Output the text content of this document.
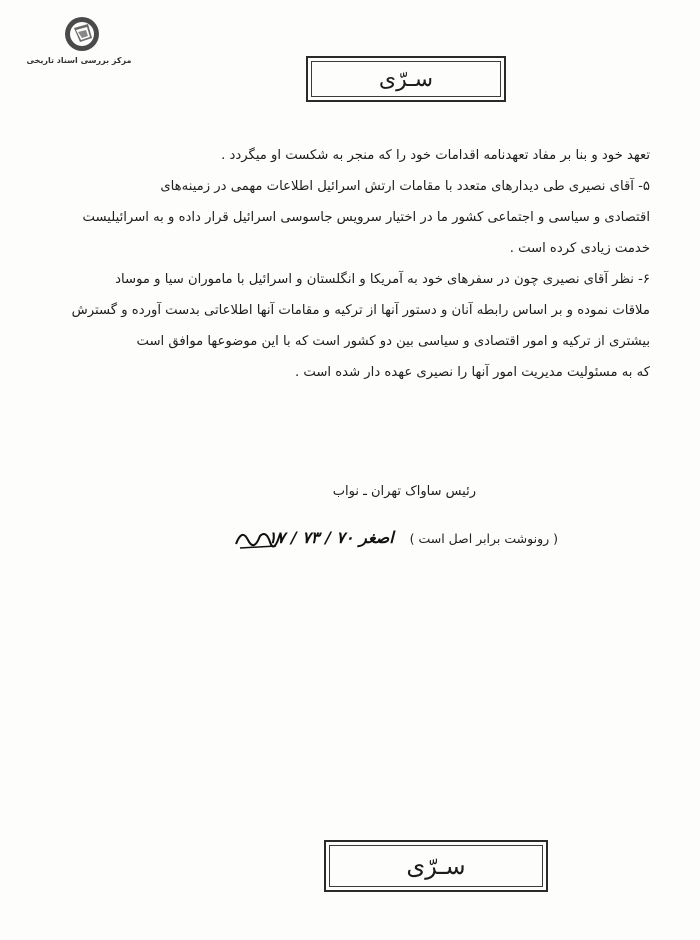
مرکز بررسی اسناد تاریخی
سـرّی
تعهد خود و بنا بر مفاد تعهدنامه اقدامات خود را که منجر به شکست او میگردد .
۵- آقای نصیری طی دیدارهای متعدد با مقامات ارتش اسرائیل اطلاعات مهمی در زمینه‌های
اقتصادی و سیاسی و اجتماعی کشور ما در اختیار سرویس جاسوسی اسرائیل قرار داده و به اسرائیلیست
خدمت زیادی کرده است .
۶- نظر آقای نصیری چون در سفرهای خود به آمریکا و انگلستان و اسرائیل با ماموران سیا و موساد
ملاقات نموده و بر اساس رابطه آنان و دستور آنها از ترکیه و مقامات آنها اطلاعاتی بدست آورده و گسترش
بیشتری از ترکیه و امور اقتصادی و سیاسی بین دو کشور است که با این موضوعها موافق است
که به مسئولیت مدیریت امور آنها را نصیری عهده دار شده است .
رئیس ساواک تهران ـ نواب
( رونوشت برابر اصل است )    اصغر ۷۰ / ۷۳ / ۱۷
سـرّی
